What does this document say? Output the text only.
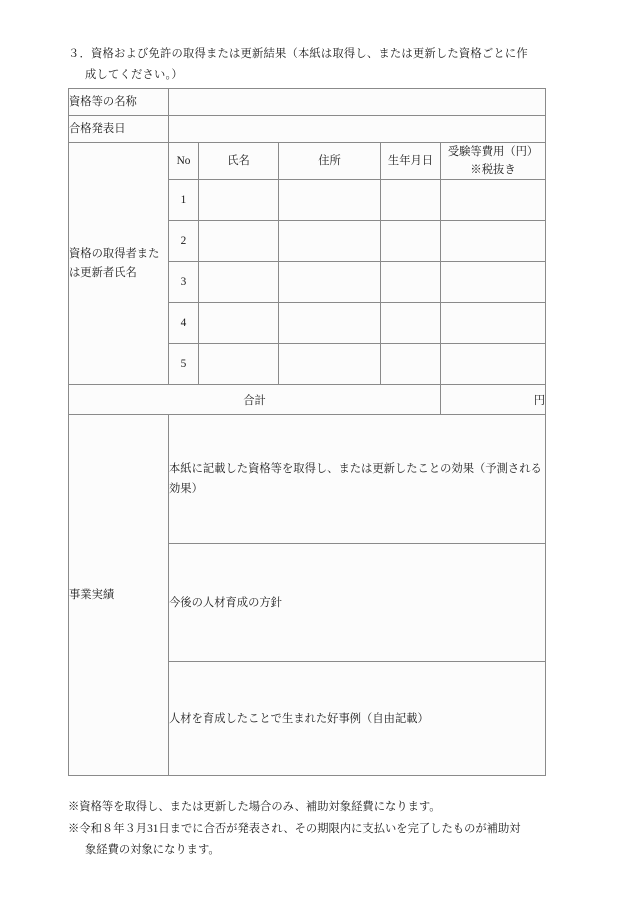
３．資格および免許の取得または更新結果（本紙は取得し、または更新した資格ごとに作
成してください。）
資格等の名称					
合格発表日					
資格の取得者または更新者氏名	No	氏名	住所	生年月日	受験等費用（円）
※税抜き

	1				
	2				
	3				
	4				
	5				
合計					円
事業実績	本紙に記載した資格等を取得し、または更新したことの効果（予測される効果）				

	今後の人材育成の方針				

	人材を育成したことで生まれた好事例（自由記載）				
※資格等を取得し、または更新した場合のみ、補助対象経費になります。
※令和８年３月31日までに合否が発表され、その期限内に支払いを完了したものが補助対
象経費の対象になります。
